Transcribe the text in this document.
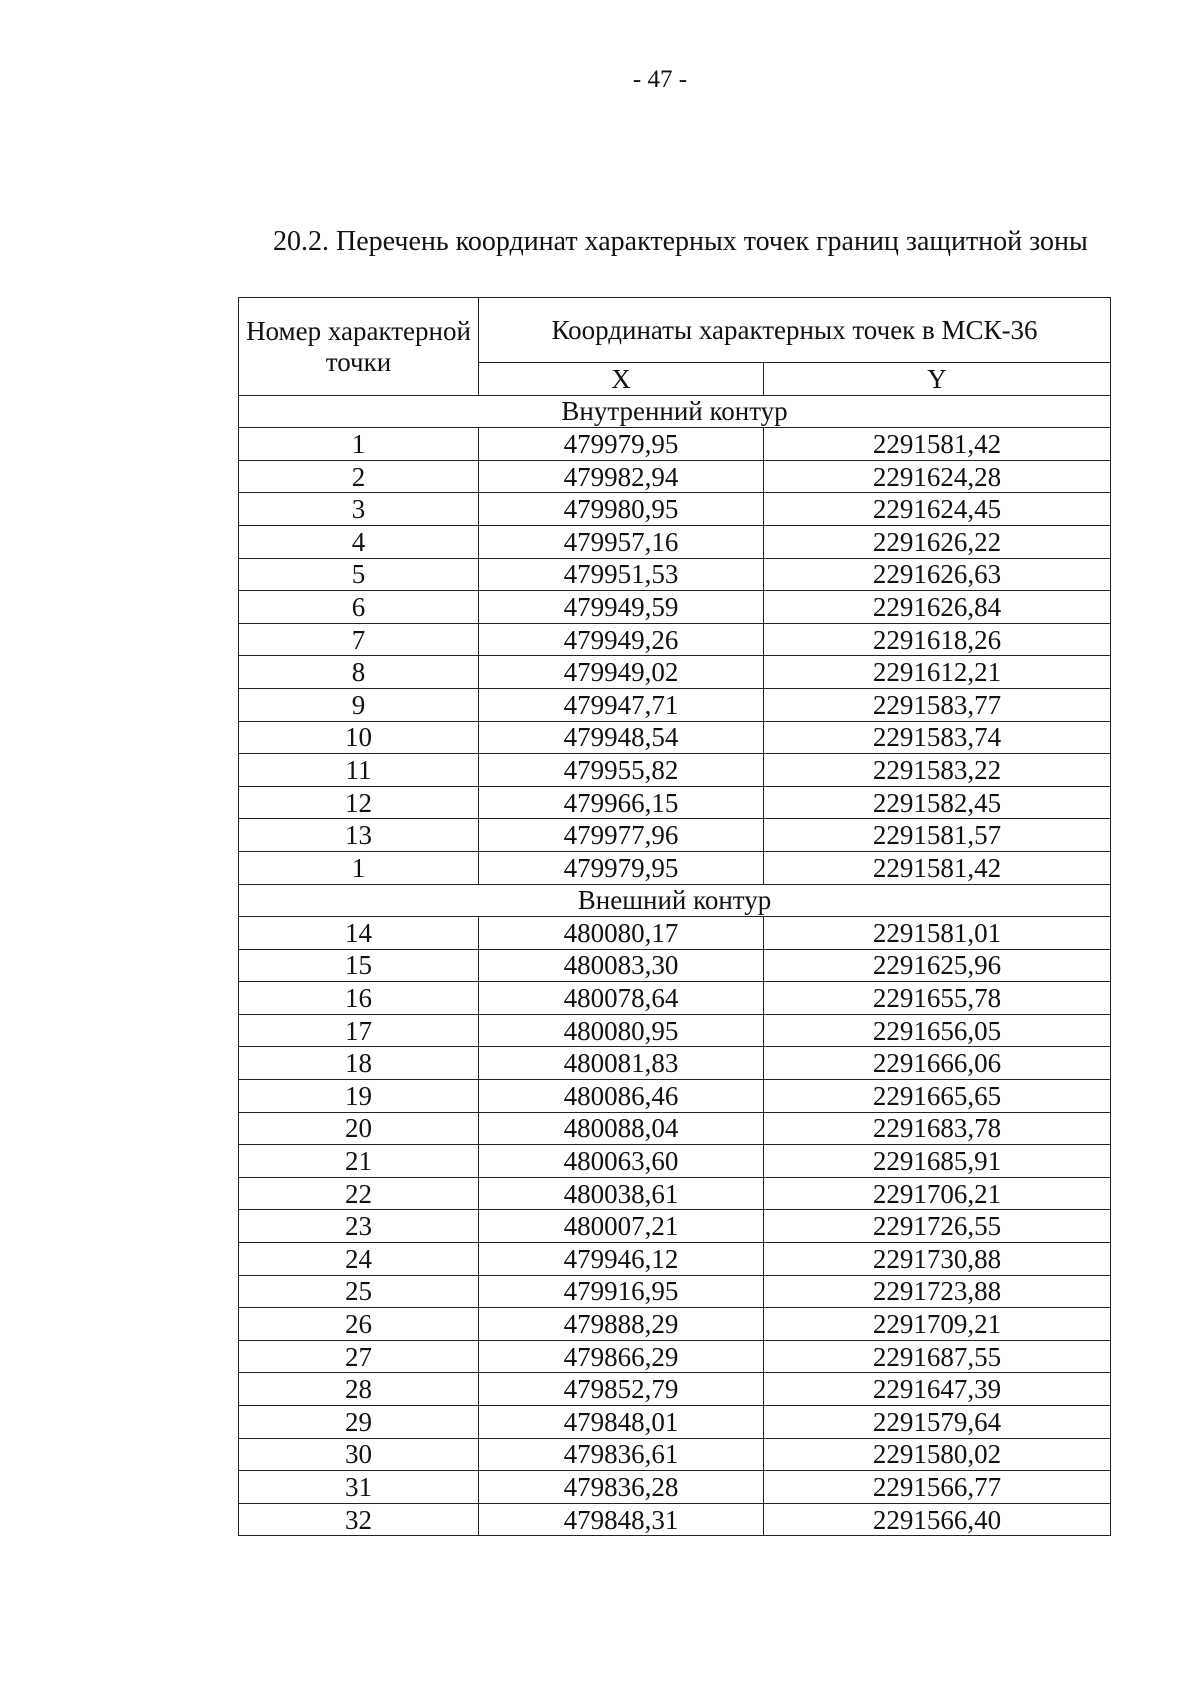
- 47 -
20.2. Перечень координат характерных точек границ защитной зоны
Номер характерной точки	Координаты характерных точек в МСК-36	
	X	Y
Внутренний контур		
1	479979,95	2291581,42
2	479982,94	2291624,28
3	479980,95	2291624,45
4	479957,16	2291626,22
5	479951,53	2291626,63
6	479949,59	2291626,84
7	479949,26	2291618,26
8	479949,02	2291612,21
9	479947,71	2291583,77
10	479948,54	2291583,74
11	479955,82	2291583,22
12	479966,15	2291582,45
13	479977,96	2291581,57
1	479979,95	2291581,42
Внешний контур		
14	480080,17	2291581,01
15	480083,30	2291625,96
16	480078,64	2291655,78
17	480080,95	2291656,05
18	480081,83	2291666,06
19	480086,46	2291665,65
20	480088,04	2291683,78
21	480063,60	2291685,91
22	480038,61	2291706,21
23	480007,21	2291726,55
24	479946,12	2291730,88
25	479916,95	2291723,88
26	479888,29	2291709,21
27	479866,29	2291687,55
28	479852,79	2291647,39
29	479848,01	2291579,64
30	479836,61	2291580,02
31	479836,28	2291566,77
32	479848,31	2291566,40
